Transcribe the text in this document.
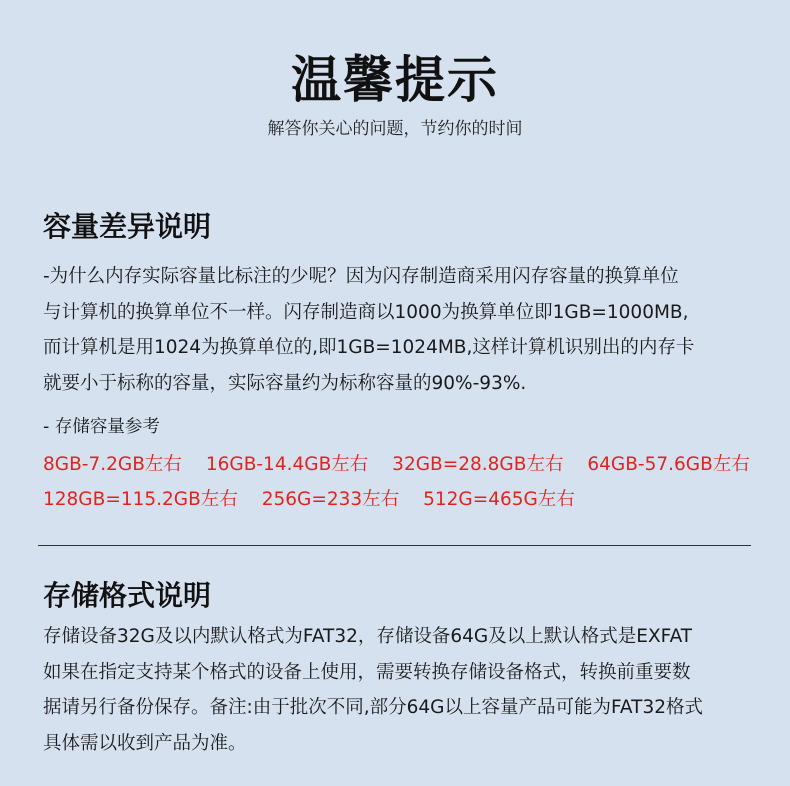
温馨提示
解答你关心的问题，节约你的时间
容量差异说明
-为什么内存实际容量比标注的少呢？因为闪存制造商采用闪存容量的换算单位
与计算机的换算单位不一样。闪存制造商以1000为换算单位即1GB=1000MB,
而计算机是用1024为换算单位的,即1GB=1024MB,这样计算机识别出的内存卡
就要小于标称的容量，实际容量约为标称容量的90%-93%.
- 存储容量参考
8GB-7.2GB左右 16GB-14.4GB左右 32GB=28.8GB左右 64GB-57.6GB左右
128GB=115.2GB左右 256G=233左右 512G=465G左右
存储格式说明
存储设备32G及以内默认格式为FAT32，存储设备64G及以上默认格式是EXFAT
如果在指定支持某个格式的设备上使用，需要转换存储设备格式，转换前重要数
据请另行备份保存。备注:由于批次不同,部分64G以上容量产品可能为FAT32格式
具体需以收到产品为准。
